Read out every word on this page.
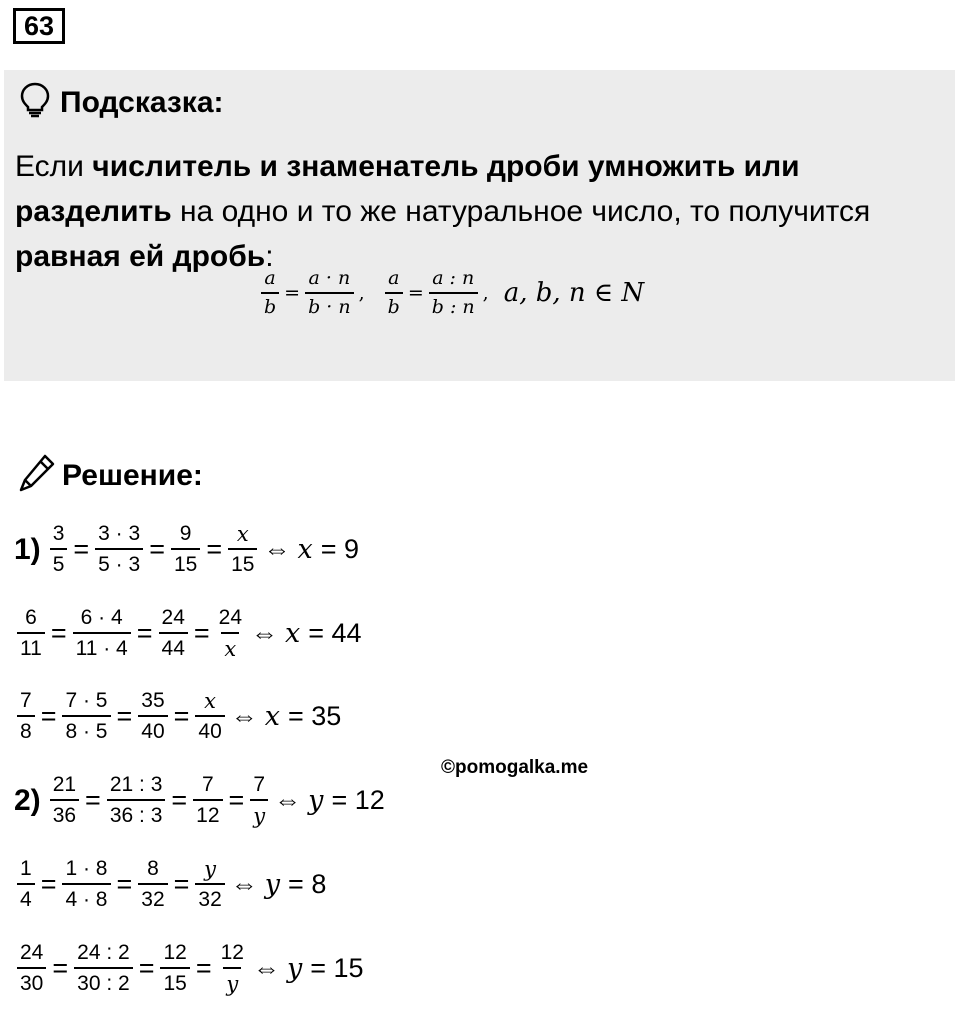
63
Подсказка:
Если числитель и знаменатель дроби умножить или разделить на одно и то же натуральное число, то получится равная ей дробь:
$\frac{a}{b} = \frac{a \cdot n}{b \cdot n}$ , $\frac{a}{b} = \frac{a : n}{b : n}$ , a, b, n ∈ N
Решение:
$1) \frac{3}{5} = \frac{3 \cdot 3}{5 \cdot 3} = \frac{9}{15} = \frac{x}{15}$ ⇔ x = 9
$\frac{6}{11} = \frac{6 \cdot 4}{11 \cdot 4} = \frac{24}{44} = \frac{24}{x}$ ⇔ x = 44
$\frac{7}{8} = \frac{7 \cdot 5}{8 \cdot 5} = \frac{35}{40} = \frac{x}{40}$ ⇔ x = 35
$2) \frac{21}{36} = \frac{21 : 3}{36 : 3} = \frac{7}{12} = \frac{7}{y}$ ⇔ y = 12
$\frac{1}{4} = \frac{1 \cdot 8}{4 \cdot 8} = \frac{8}{32} = \frac{y}{32}$ ⇔ y = 8
$\frac{24}{30} = \frac{24 : 2}{30 : 2} = \frac{12}{15} = \frac{12}{y}$ ⇔ y = 15
©pomogalka.me
